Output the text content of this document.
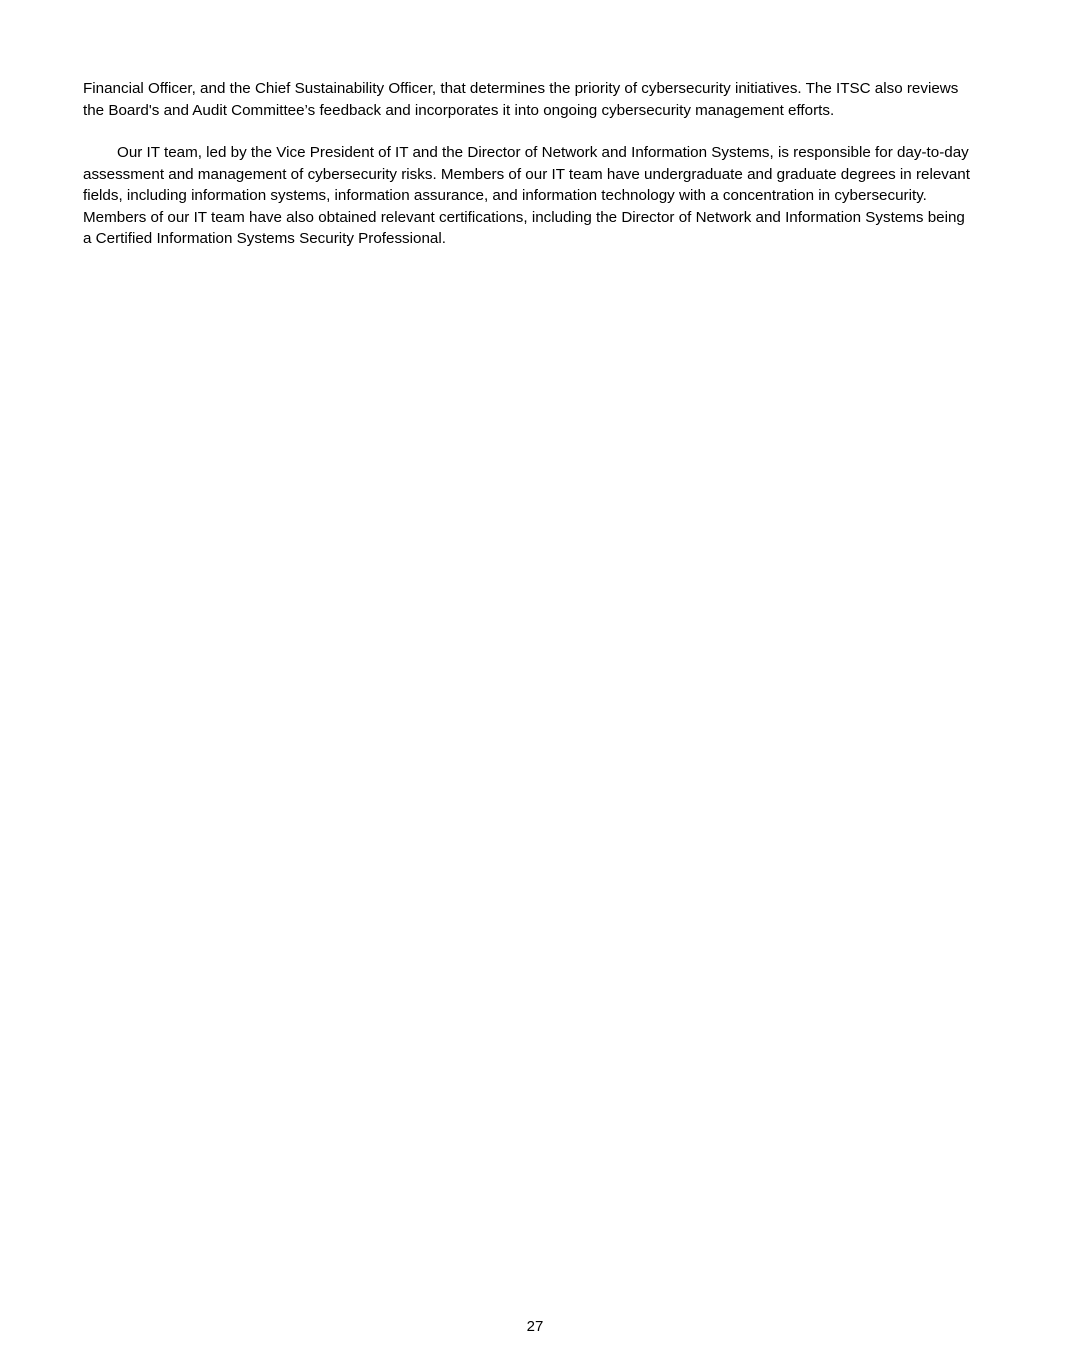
Financial Officer, and the Chief Sustainability Officer, that determines the priority of cybersecurity initiatives. The ITSC also reviews the Board's and Audit Committee’s feedback and incorporates it into ongoing cybersecurity management efforts.

Our IT team, led by the Vice President of IT and the Director of Network and Information Systems, is responsible for day-to-day assessment and management of cybersecurity risks. Members of our IT team have undergraduate and graduate degrees in relevant fields, including information systems, information assurance, and information technology with a concentration in cybersecurity. Members of our IT team have also obtained relevant certifications, including the Director of Network and Information Systems being a Certified Information Systems Security Professional.

27
